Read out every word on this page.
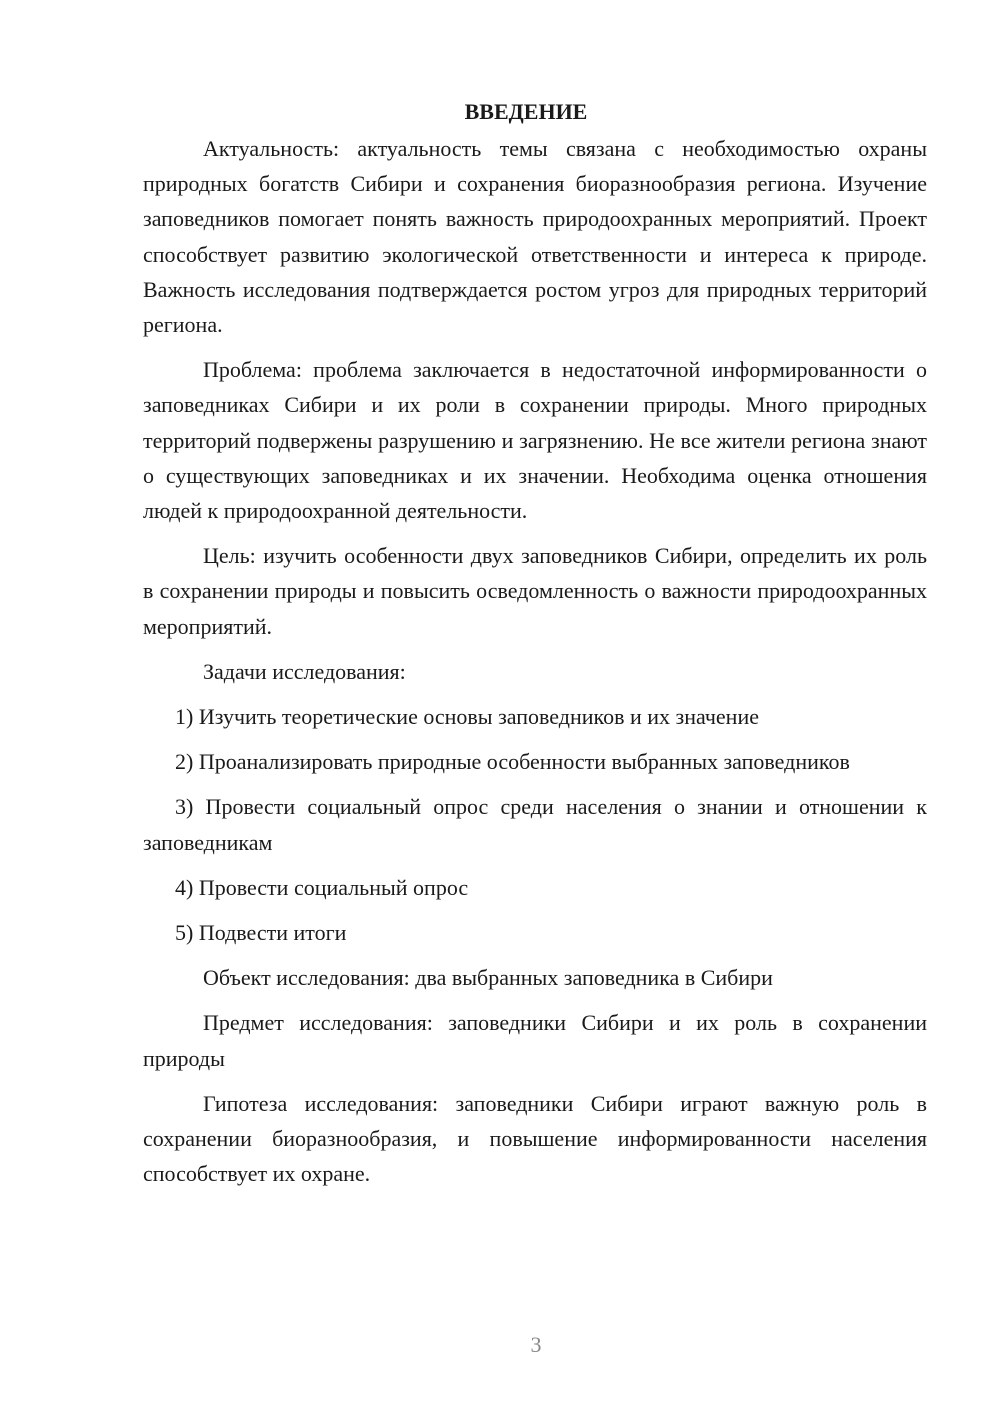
ВВЕДЕНИЕ

Актуальность: актуальность темы связана с необходимостью охраны природных богатств Сибири и сохранения биоразнообразия региона. Изучение заповедников помогает понять важность природоохранных мероприятий. Проект способствует развитию экологической ответственности и интереса к природе. Важность исследования подтверждается ростом угроз для природных территорий региона.

Проблема: проблема заключается в недостаточной информированности о заповедниках Сибири и их роли в сохранении природы. Много природных территорий подвержены разрушению и загрязнению. Не все жители региона знают о существующих заповедниках и их значении. Необходима оценка отношения людей к природоохранной деятельности.

Цель: изучить особенности двух заповедников Сибири, определить их роль в сохранении природы и повысить осведомленность о важности природоохранных мероприятий.

Задачи исследования:

1) Изучить теоретические основы заповедников и их значение

2) Проанализировать природные особенности выбранных заповедников

3) Провести социальный опрос среди населения о знании и отношении к заповедникам

4) Провести социальный опрос

5) Подвести итоги

Объект исследования: два выбранных заповедника в Сибири

Предмет исследования: заповедники Сибири и их роль в сохранении природы

Гипотеза исследования: заповедники Сибири играют важную роль в сохранении биоразнообразия, и повышение информированности населения способствует их охране.

3
